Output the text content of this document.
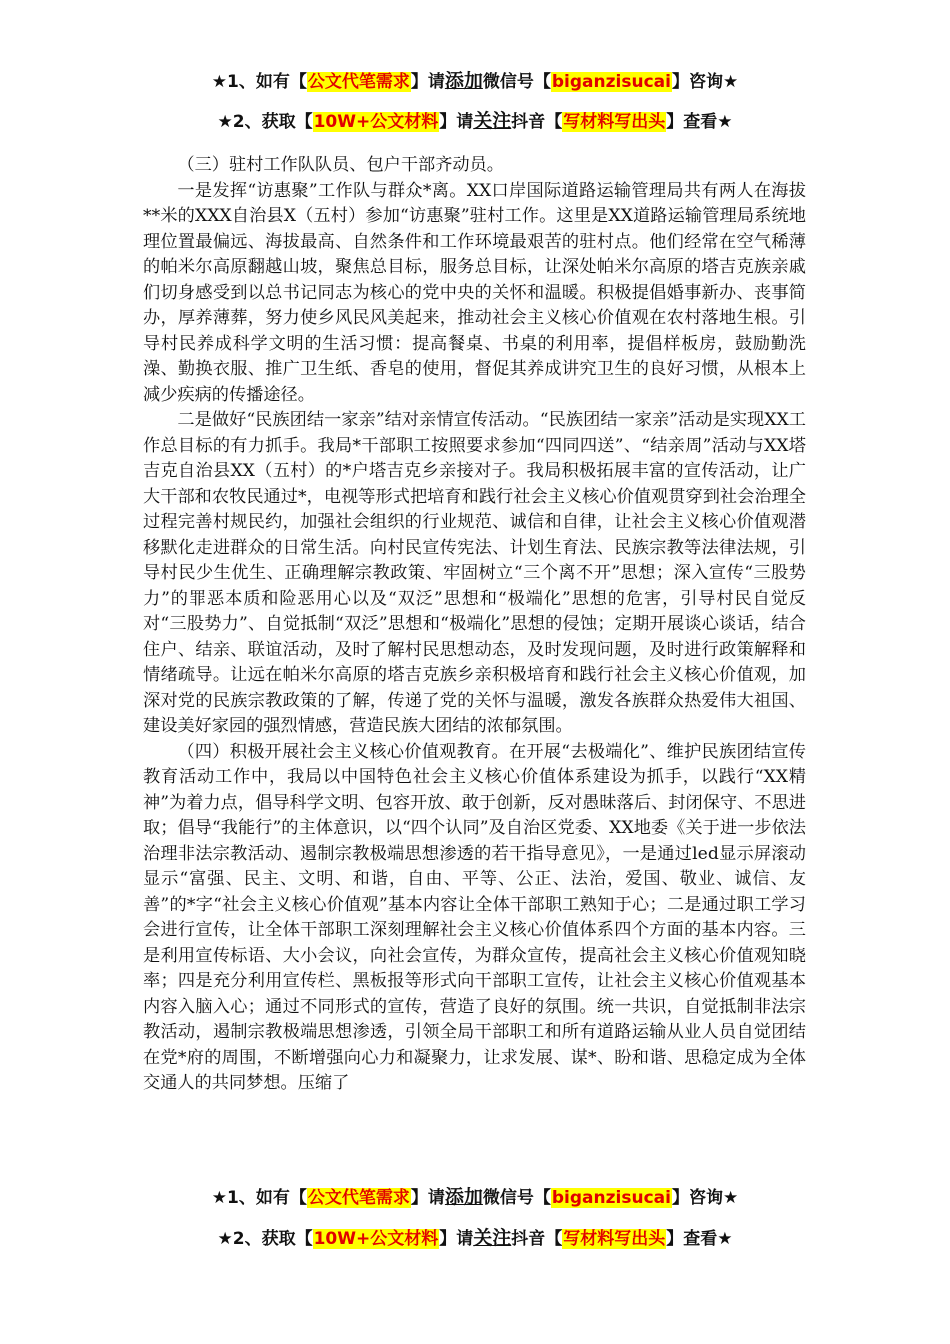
★1、如有【公文代笔需求】请添加微信号【biganzisucai】咨询★
★2、获取【10W+公文材料】请关注抖音【写材料写出头】查看★

（三）驻村工作队队员、包户干部齐动员。

一是发挥“访惠聚”工作队与群众*离。XX口岸国际道路运输管理局共有两人在海拔**米的XXX自治县X（五村）参加“访惠聚”驻村工作。这里是XX道路运输管理局系统地理位置最偏远、海拔最高、自然条件和工作环境最艰苦的驻村点。他们经常在空气稀薄的帕米尔高原翻越山坡，聚焦总目标，服务总目标，让深处帕米尔高原的塔吉克族亲戚们切身感受到以总书记同志为核心的党中央的关怀和温暖。积极提倡婚事新办、丧事简办，厚养薄葬，努力使乡风民风美起来，推动社会主义核心价值观在农村落地生根。引导村民养成科学文明的生活习惯：提高餐桌、书桌的利用率，提倡样板房，鼓励勤洗澡、勤换衣服、推广卫生纸、香皂的使用，督促其养成讲究卫生的良好习惯，从根本上减少疾病的传播途径。

二是做好“民族团结一家亲”结对亲情宣传活动。“民族团结一家亲”活动是实现XX工作总目标的有力抓手。我局*干部职工按照要求参加“四同四送”、“结亲周”活动与XX塔吉克自治县XX（五村）的*户塔吉克乡亲接对子。我局积极拓展丰富的宣传活动，让广大干部和农牧民通过*，电视等形式把培育和践行社会主义核心价值观贯穿到社会治理全过程完善村规民约，加强社会组织的行业规范、诚信和自律，让社会主义核心价值观潜移默化走进群众的日常生活。向村民宣传宪法、计划生育法、民族宗教等法律法规，引导村民少生优生、正确理解宗教政策、牢固树立“三个离不开”思想；深入宣传“三股势力”的罪恶本质和险恶用心以及“双泛”思想和“极端化”思想的危害，引导村民自觉反对“三股势力”、自觉抵制“双泛”思想和“极端化”思想的侵蚀；定期开展谈心谈话，结合住户、结亲、联谊活动，及时了解村民思想动态，及时发现问题，及时进行政策解释和情绪疏导。让远在帕米尔高原的塔吉克族乡亲积极培育和践行社会主义核心价值观，加深对党的民族宗教政策的了解，传递了党的关怀与温暖，激发各族群众热爱伟大祖国、建设美好家园的强烈情感，营造民族大团结的浓郁氛围。

（四）积极开展社会主义核心价值观教育。在开展“去极端化”、维护民族团结宣传教育活动工作中，我局以中国特色社会主义核心价值体系建设为抓手，以践行“XX精神”为着力点，倡导科学文明、包容开放、敢于创新，反对愚昧落后、封闭保守、不思进取；倡导“我能行”的主体意识，以“四个认同”及自治区党委、XX地委《关于进一步依法治理非法宗教活动、遏制宗教极端思想渗透的若干指导意见》，一是通过led显示屏滚动显示“富强、民主、文明、和谐，自由、平等、公正、法治，爱国、敬业、诚信、友善”的*字“社会主义核心价值观”基本内容让全体干部职工熟知于心；二是通过职工学习会进行宣传，让全体干部职工深刻理解社会主义核心价值体系四个方面的基本内容。三是利用宣传标语、大小会议，向社会宣传，为群众宣传，提高社会主义核心价值观知晓率；四是充分利用宣传栏、黑板报等形式向干部职工宣传，让社会主义核心价值观基本内容入脑入心；通过不同形式的宣传，营造了良好的氛围。统一共识，自觉抵制非法宗教活动，遏制宗教极端思想渗透，引领全局干部职工和所有道路运输从业人员自觉团结在党*府的周围，不断增强向心力和凝聚力，让求发展、谋*、盼和谐、思稳定成为全体交通人的共同梦想。压缩了

★1、如有【公文代笔需求】请添加微信号【biganzisucai】咨询★
★2、获取【10W+公文材料】请关注抖音【写材料写出头】查看★
